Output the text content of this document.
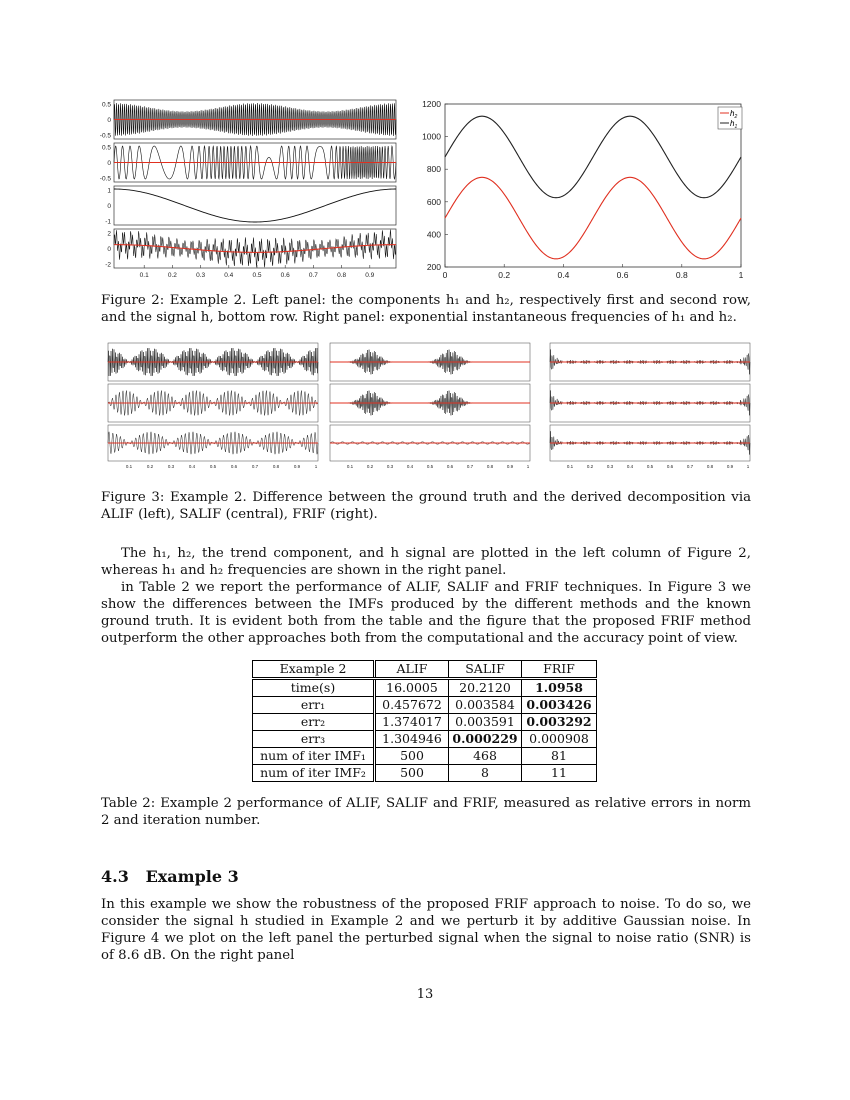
0.5
0
-0.5
0.5
0
-0.5
1
0
-1
2
0
-2
0.1	0.2	0.3	0.4	0.5	0.6	0.7	0.8	0.9
200
400
600
800
1000
1200
0	0.2	0.4	0.6	0.8	1
$h_2$
$h_1$
Figure 2: Example 2. Left panel: the components h₁ and h₂, respectively first and second row, and the signal h, bottom row. Right panel: exponential instantaneous frequencies of h₁ and h₂.
0.1	0.2	0.3	0.4	0.5	0.6	0.7	0.8	0.9	1	0.1	0.2	0.3	0.4	0.5	0.6	0.7	0.8	0.9	1	0.1	0.2	0.3	0.4	0.5	0.6	0.7	0.8	0.9	1
Figure 3: Example 2. Difference between the ground truth and the derived decomposition via ALIF (left), SALIF (central), FRIF (right).
The h₁, h₂, the trend component, and h signal are plotted in the left column of Figure 2, whereas h₁ and h₂ frequencies are shown in the right panel.
in Table 2 we report the performance of ALIF, SALIF and FRIF techniques. In Figure 3 we show the differences between the IMFs produced by the different methods and the known ground truth. It is evident both from the table and the figure that the proposed FRIF method outperform the other approaches both from the computational and the accuracy point of view.
Example 2	ALIF	SALIF	FRIF
time(s)	16.0005	20.2120	1.0958
err₁	0.457672	0.003584	0.003426
err₂	1.374017	0.003591	0.003292
err₃	1.304946	0.000229	0.000908
num of iter IMF₁	500	468	81
num of iter IMF₂	500	8	11
Table 2: Example 2 performance of ALIF, SALIF and FRIF, measured as relative errors in norm 2 and iteration number.
4.3 Example 3
In this example we show the robustness of the proposed FRIF approach to noise. To do so, we consider the signal h studied in Example 2 and we perturb it by additive Gaussian noise. In Figure 4 we plot on the left panel the perturbed signal when the signal to noise ratio (SNR) is of 8.6 dB. On the right panel
13
